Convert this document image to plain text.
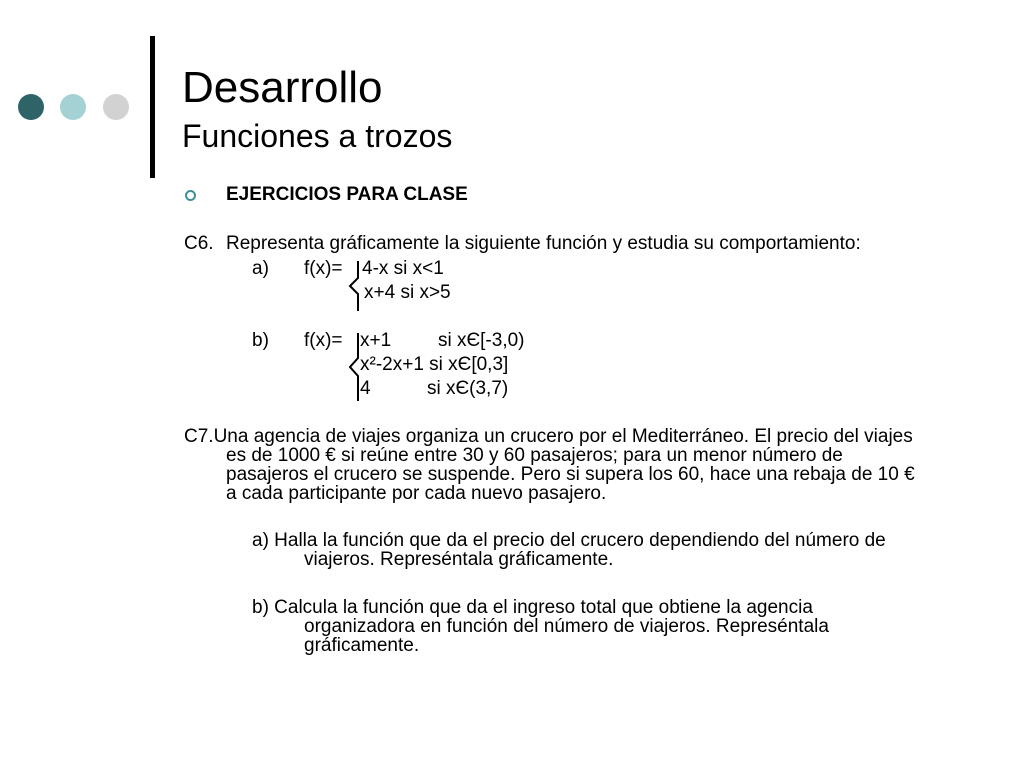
Desarrollo
Funciones a trozos
EJERCICIOS PARA CLASE
C6. Representa gráficamente la siguiente función y estudia su comportamiento:
a) f(x)= 4-x si x<1
x+4 si x>5
b) f(x)= x+1 si xЄ[-3,0)
x²-2x+1 si xЄ[0,3]
4	si xЄ(3,7)
C7.Una agencia de viajes organiza un crucero por el Mediterráneo. El precio del viajes
es de 1000 € si reúne entre 30 y 60 pasajeros; para un menor número de
pasajeros el crucero se suspende. Pero si supera los 60, hace una rebaja de 10 €
a cada participante por cada nuevo pasajero.
a) Halla la función que da el precio del crucero dependiendo del número de
viajeros. Represéntala gráficamente.
b) Calcula la función que da el ingreso total que obtiene la agencia
organizadora en función del número de viajeros. Represéntala
gráficamente.
